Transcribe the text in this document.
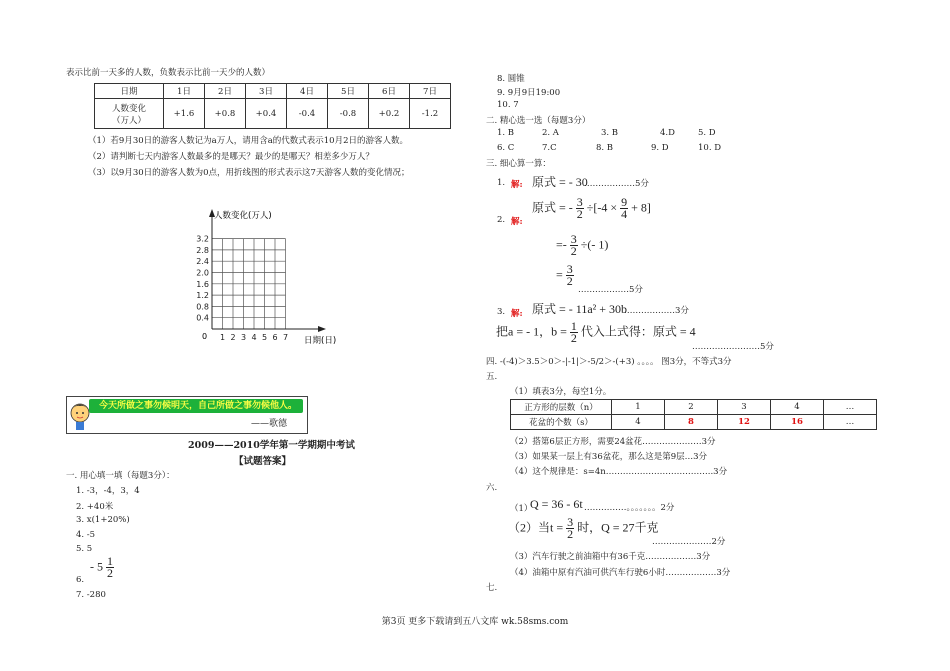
表示比前一天多的人数，负数表示比前一天少的人数）
日期	1日	2日	3日	4日	5日	6日	7日
人数变化
（万人）	+1.6	+0.8	+0.4	-0.4	-0.8	+0.2	-1.2
（1）若9月30日的游客人数记为a万人，请用含a的代数式表示10月2日的游客人数。
（2）请判断七天内游客人数最多的是哪天？最少的是哪天？相差多少万人？
（3）以9月30日的游客人数为0点，用折线图的形式表示这7天游客人数的变化情况；
0.4
0.8
1.2
1.6
2.0
2.4
2.8
3.2
1 2 3 4 5 6 7
0
人数变化(万人)
日期(日)
今天所做之事勿候明天，自己所做之事勿候他人。
——歌德
2009——2010学年第一学期期中考试
【试题答案】
一. 用心填一填（每题3分）：
1. -3，-4，3，4
2. +40米
3. x(1+20%)
4. -5
5. 5
- $5 \frac{1}{2}$
6.
7. -280
8. 圆锥
9. 9月9日19:00
10. 7
二. 精心选一选（每题3分）
1. B	2. A	3. B	4.D	5. D
6. C	7.C	8. B	9. D	10. D
三. 细心算一算：
1. 解: 原式 = - 30
………………5分
2. 解:
原式 = - $\frac{3}{2} \div[-4 \times \frac{9}{4} + 8]$
=- $\frac{3}{2}$ ÷(- 1)
= $\frac{3}{2}$
………………5分
3. 解: 原式 = - 11a² + 30b
………………3分
把a = - 1，$b = \frac{1}{2}$ 代入上式得：原式 = 4
……………………5分
四. -(-4)＞3.5＞0＞-|-1|＞-5/2＞-(+3) 。。。。 图3分，不等式3分
五.
（1）填表3分，每空1分。
正方形的层数（n）	1	2	3	4	…
花盆的个数（s）	4	8	12	16	…
（2）搭第6层正方形，需要24盆花…………………3分
（3）如果某一层上有36盆花，那么这是第9层…3分
（4）这个规律是：s=4n………………………………..3分
六.
（1）
Q = 36 - 6t ……………。。。。。。。2分
（2）当$t = \frac{3}{2}$ 时，Q = 27千克
…………………2分
（3）汽车行驶之前油箱中有36千克………………3分
（4）油箱中原有汽油可供汽车行驶6小时………………3分
七.
第3页 更多下载请到五八文库 wk.58sms.com
